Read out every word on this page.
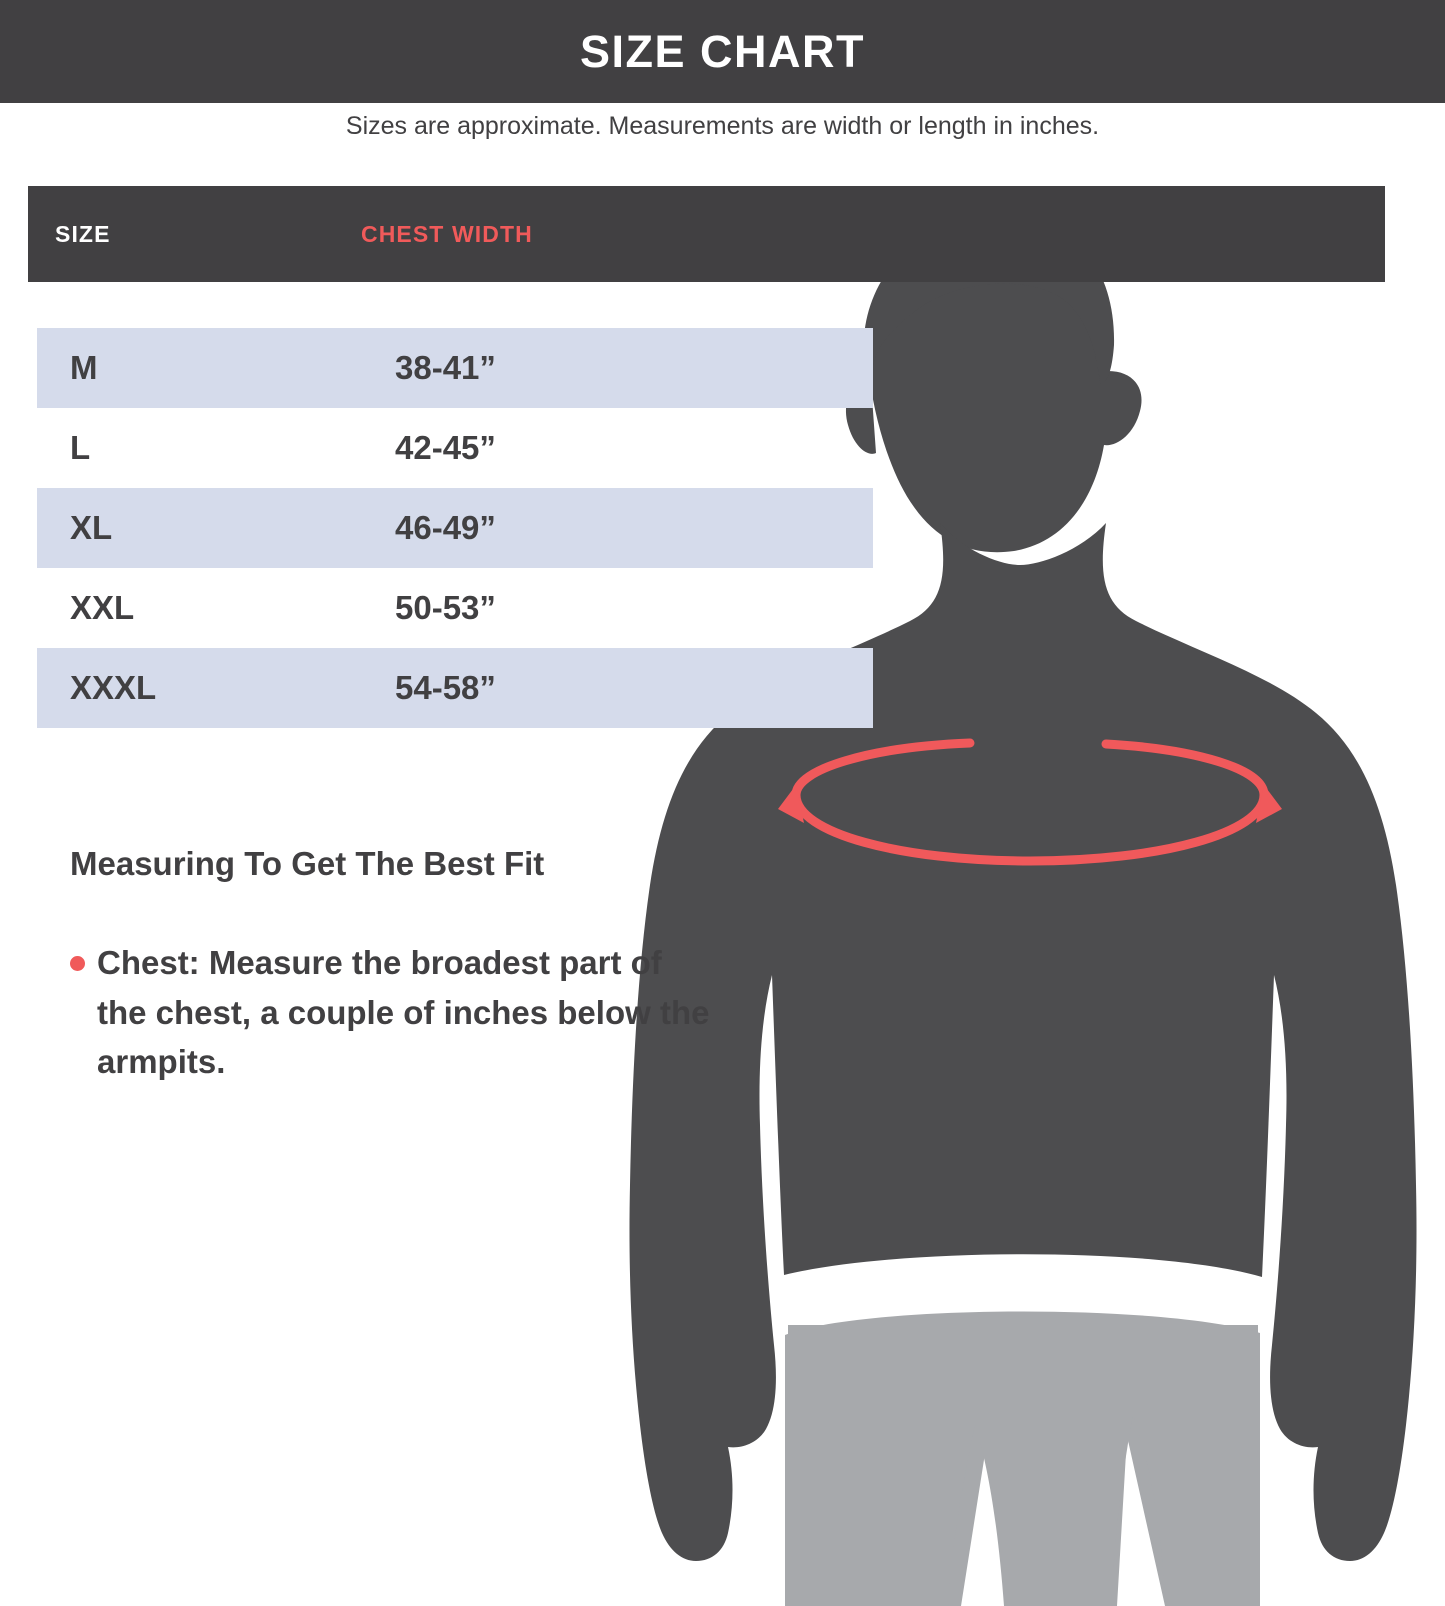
SIZE CHART
Sizes are approximate. Measurements are width or length in inches.
SIZE	CHEST WIDTH
M	38-41”
L	42-45”
XL	46-49”
XXL	50-53”
XXXL	54-58”
Measuring To Get The Best Fit
Chest: Measure the broadest part of the chest, a couple of inches below the armpits.
